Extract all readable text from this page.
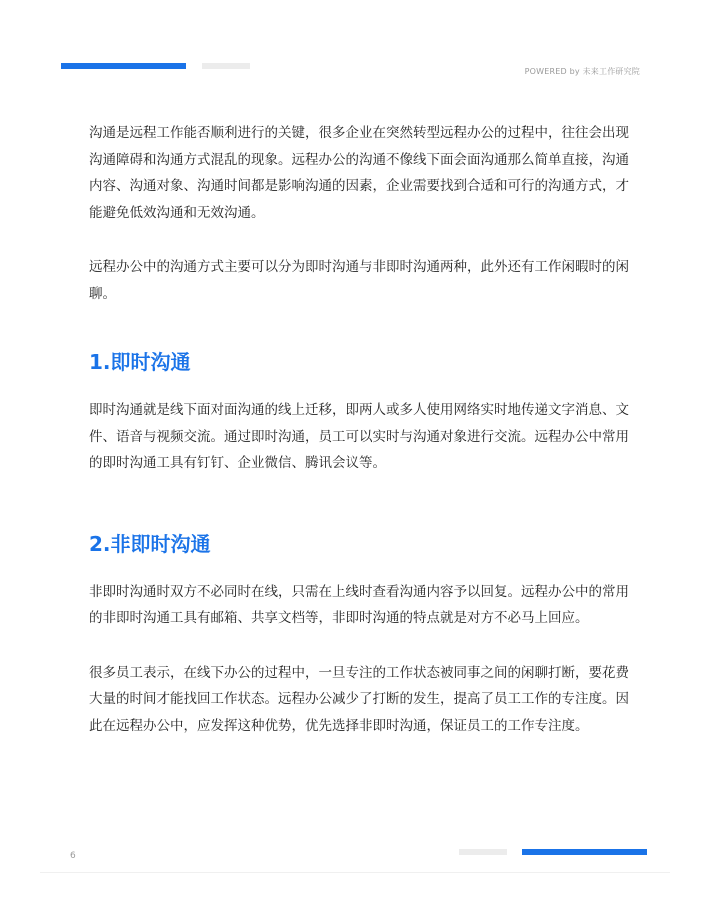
POWERED by 未来工作研究院

沟通是远程工作能否顺利进行的关键，很多企业在突然转型远程办公的过程中，往往会出现沟通障碍和沟通方式混乱的现象。远程办公的沟通不像线下面会面沟通那么简单直接，沟通内容、沟通对象、沟通时间都是影响沟通的因素，企业需要找到合适和可行的沟通方式，才能避免低效沟通和无效沟通。

远程办公中的沟通方式主要可以分为即时沟通与非即时沟通两种，此外还有工作闲暇时的闲聊。

1.即时沟通

即时沟通就是线下面对面沟通的线上迁移，即两人或多人使用网络实时地传递文字消息、文件、语音与视频交流。通过即时沟通，员工可以实时与沟通对象进行交流。远程办公中常用的即时沟通工具有钉钉、企业微信、腾讯会议等。

2.非即时沟通

非即时沟通时双方不必同时在线，只需在上线时查看沟通内容予以回复。远程办公中的常用的非即时沟通工具有邮箱、共享文档等，非即时沟通的特点就是对方不必马上回应。

很多员工表示，在线下办公的过程中，一旦专注的工作状态被同事之间的闲聊打断，要花费大量的时间才能找回工作状态。远程办公减少了打断的发生，提高了员工工作的专注度。因此在远程办公中，应发挥这种优势，优先选择非即时沟通，保证员工的工作专注度。

6
